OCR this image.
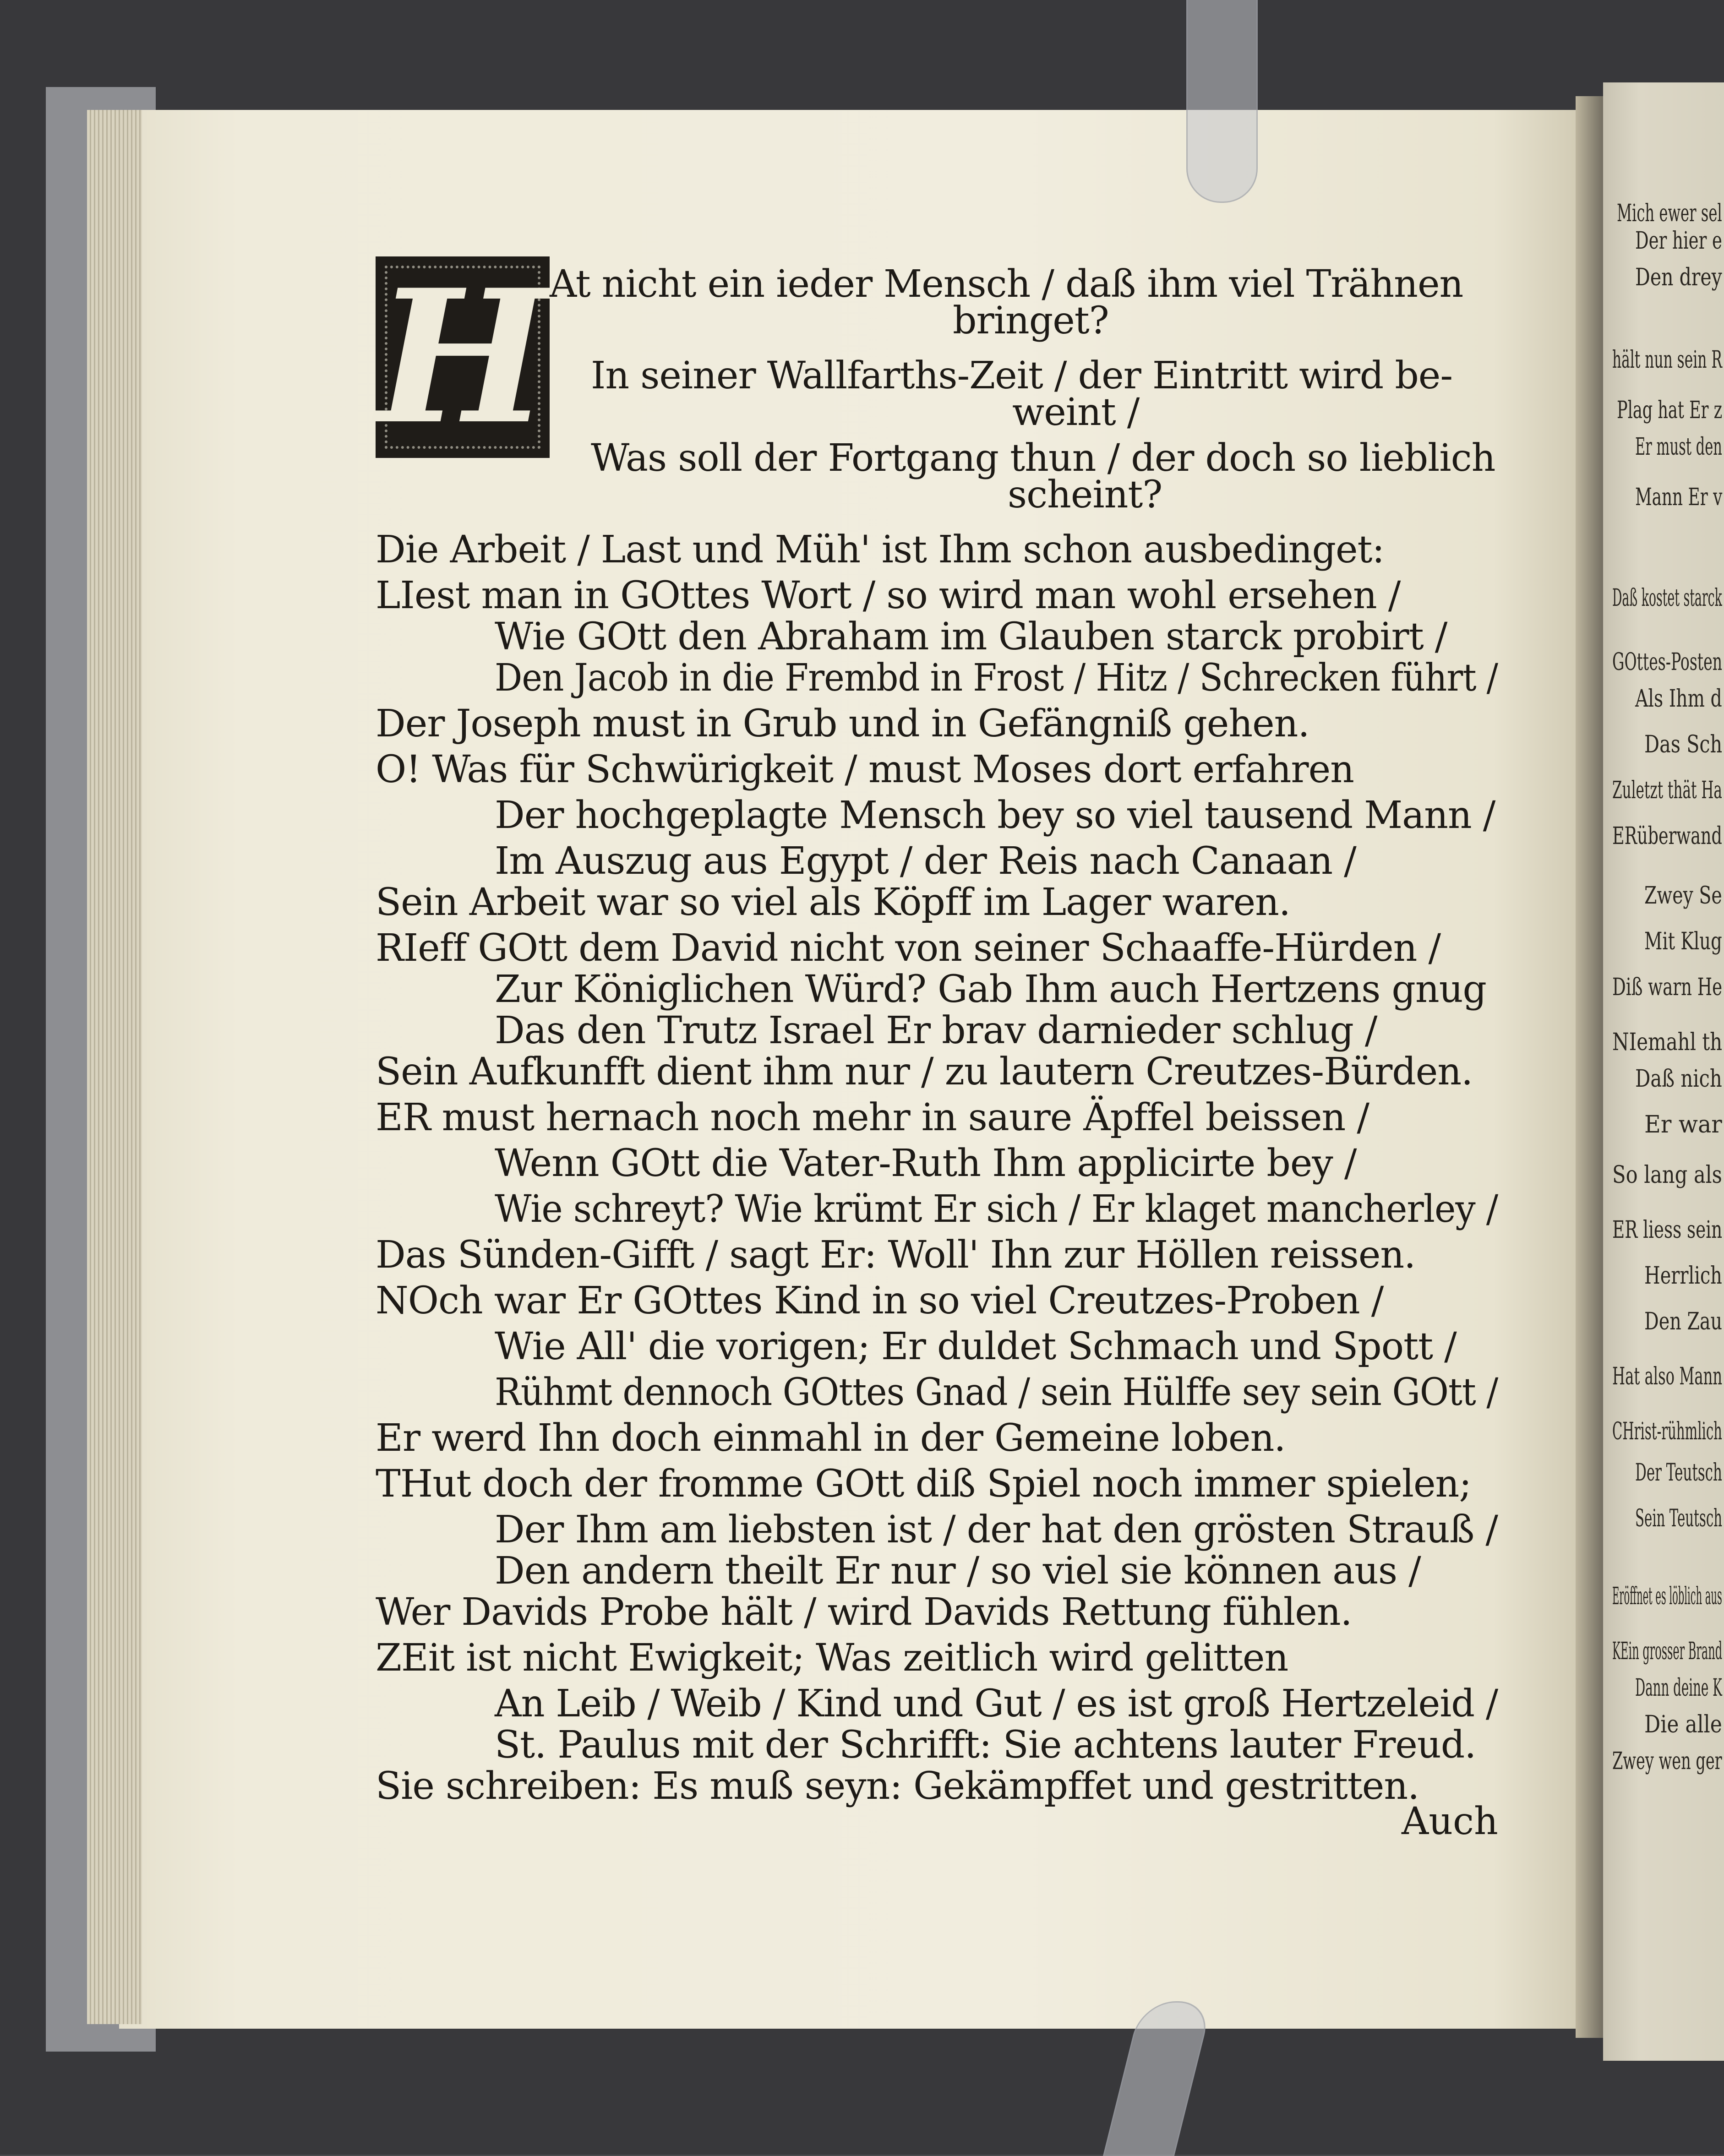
H At nicht ein ieder Mensch / daß ihm viel Trähnen
bringet?
In seiner Wallfarths-Zeit / der Eintritt wird be-
weint /
Was soll der Fortgang thun / der doch so lieblich
scheint?
Die Arbeit / Last und Müh' ist Ihm schon ausbedinget:
LIest man in GOttes Wort / so wird man wohl ersehen /
Wie GOtt den Abraham im Glauben starck probirt /
Den Jacob in die Frembd in Frost / Hitz / Schrecken führt /
Der Joseph must in Grub und in Gefängniß gehen.
O! Was für Schwürigkeit / must Moses dort erfahren
Der hochgeplagte Mensch bey so viel tausend Mann /
Im Auszug aus Egypt / der Reis nach Canaan /
Sein Arbeit war so viel als Köpff im Lager waren.
RIeff GOtt dem David nicht von seiner Schaaffe-Hürden /
Zur Königlichen Würd? Gab Ihm auch Hertzens gnug
Das den Trutz Israel Er brav darnieder schlug /
Sein Aufkunfft dient ihm nur / zu lautern Creutzes-Bürden.
ER must hernach noch mehr in saure Äpffel beissen /
Wenn GOtt die Vater-Ruth Ihm applicirte bey /
Wie schreyt? Wie krümt Er sich / Er klaget mancherley /
Das Sünden-Gifft / sagt Er: Woll' Ihn zur Höllen reissen.
NOch war Er GOttes Kind in so viel Creutzes-Proben /
Wie All' die vorigen; Er duldet Schmach und Spott /
Rühmt dennoch GOttes Gnad / sein Hülffe sey sein GOtt /
Er werd Ihn doch einmahl in der Gemeine loben.
THut doch der fromme GOtt diß Spiel noch immer spielen;
Der Ihm am liebsten ist / der hat den grösten Strauß /
Den andern theilt Er nur / so viel sie können aus /
Wer Davids Probe hält / wird Davids Rettung fühlen.
ZEit ist nicht Ewigkeit; Was zeitlich wird gelitten
An Leib / Weib / Kind und Gut / es ist groß Hertzeleid /
St. Paulus mit der Schrifft: Sie achtens lauter Freud.
Sie schreiben: Es muß seyn: Gekämpffet und gestritten.
Auch
Mich ewer sel
Der hier e
Den drey
hält nun sein R
Plag hat Er z
Er must den
Mann Er v
Daß kostet starck
GOttes-Posten
Als Ihm d
Das Sch
Zuletzt thät Ha
ERüberwand
Zwey Se
Mit Klug
Diß warn He
NIemahl th
Daß nich
Er war
So lang als
ER liess sein
Herrlich
Den Zau
Hat also Mann
CHrist-rühmlich
Der Teutsch
Sein Teutsch
Eröffnet es löblich aus
KEin grosser Brand
Dann deine K
Die alle
Zwey wen ger
